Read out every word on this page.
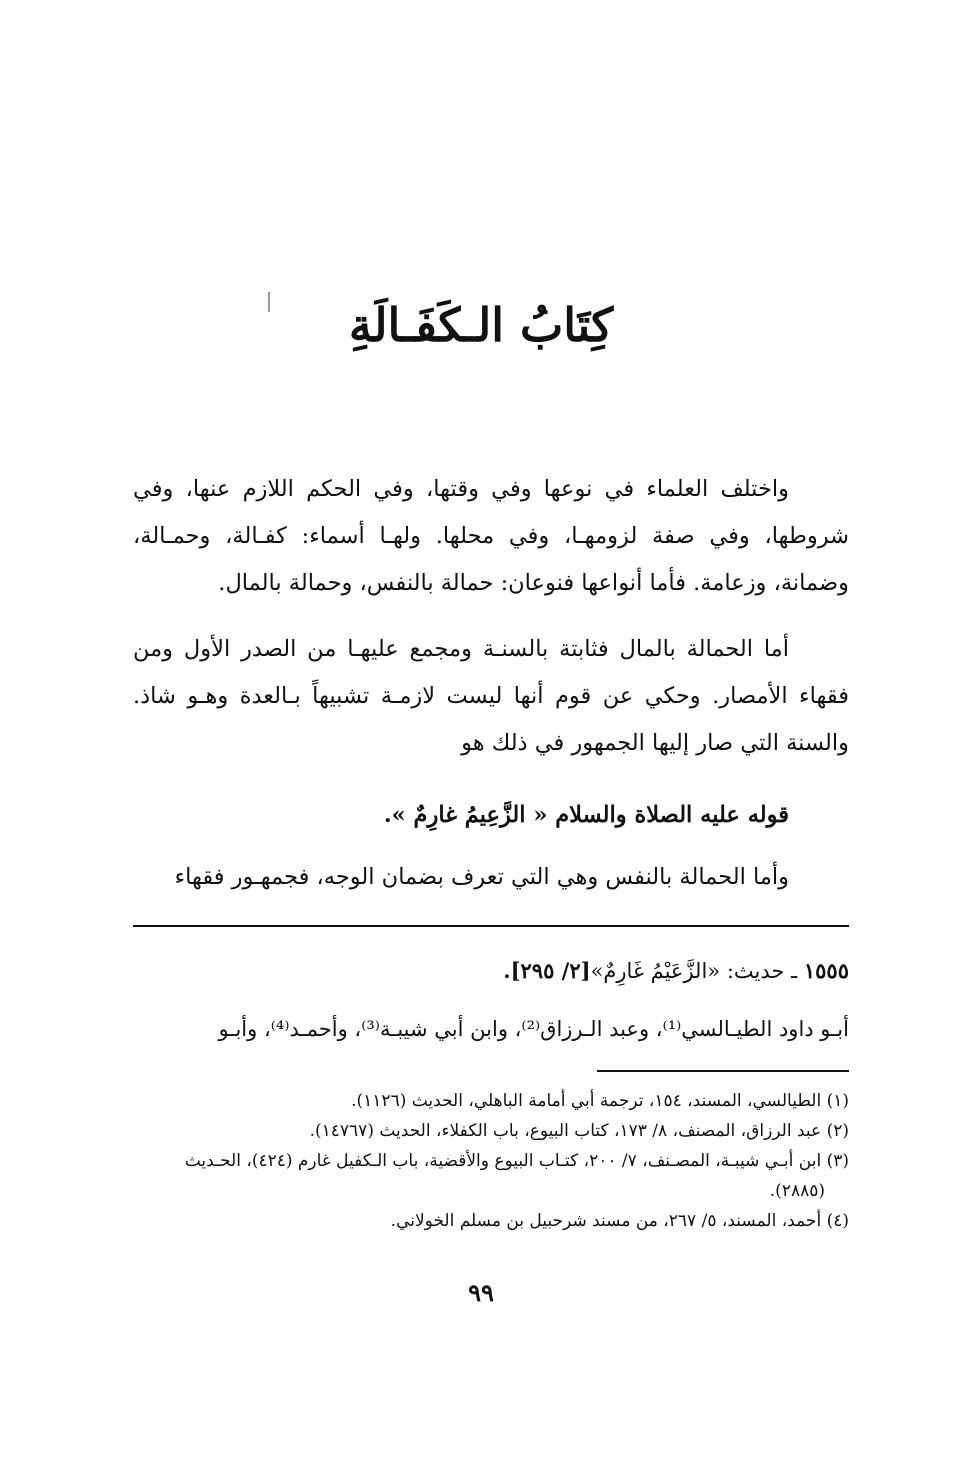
كِتَابُ الـكَفَـالَةِ
واختلف العلماء في نوعها وفي وقتها، وفي الحكم اللازم عنها، وفي شروطها، وفي صفة لزومهـا، وفي محلها. ولهـا أسماء: كفـالة، وحمـالة، وضمانة، وزعامة. فأما أنواعها فنوعان: حمالة بالنفس، وحمالة بالمال.
أما الحمالة بالمال فثابتة بالسنـة ومجمع عليهـا من الصدر الأول ومن فقهاء الأمصار. وحكي عن قوم أنها ليست لازمـة تشبيهاً بـالعدة وهـو شاذ. والسنة التي صار إليها الجمهور في ذلك هو
قوله عليه الصلاة والسلام « الزَّعِيمُ غارِمٌ ».
وأما الحمالة بالنفس وهي التي تعرف بضمان الوجه، فجمهـور فقهاء
١٥٥٥ ـ حديث: «الزَّعَيْمُ غَارِمٌ»[٢/ ٢٩٥].
أبـو داود الطيـالسي⁽¹⁾، وعبد الـرزاق⁽²⁾، وابن أبي شيبـة⁽³⁾، وأحمـد⁽⁴⁾، وأبـو
(١) الطيالسي، المسند، ١٥٤، ترجمة أبي أمامة الباهلي، الحديث (١١٢٦).
(٢) عبد الرزاق، المصنف، ٨/ ١٧٣، كتاب البيوع، باب الكفلاء، الحديث (١٤٧٦٧).
(٣) ابن أبـي شيبـة، المصـنف، ٧/ ٢٠٠، كتـاب البيوع والأقضية، باب الـكفيل غارم (٤٢٤)، الحـديث
(٢٨٨٥).
(٤) أحمد، المسند، ٥/ ٢٦٧، من مسند شرحبيل بن مسلم الخولاني.
٩٩
